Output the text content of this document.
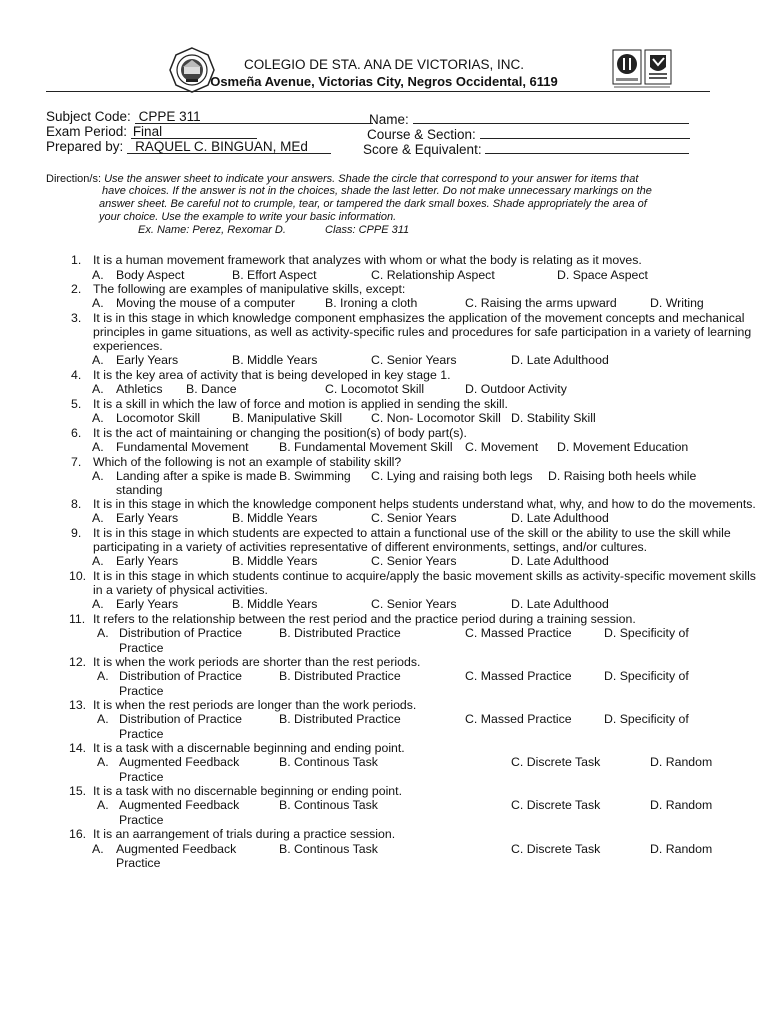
COLEGIO DE STA. ANA DE VICTORIAS, INC.
Osmeña Avenue, Victorias City, Negros Occidental, 6119
Subject Code: CPPE 311	Name:
Exam Period: Final	Course & Section:
Prepared by: RAQUEL C. BINGUAN, MEd	Score & Equivalent:
Direction/s: Use the answer sheet to indicate your answers. Shade the circle that correspond to your answer for items that
have choices. If the answer is not in the choices, shade the last letter. Do not make unnecessary markings on the
answer sheet. Be careful not to crumple, tear, or tampered the dark small boxes. Shade appropriately the area of
your choice. Use the example to write your basic information.
Ex. Name: Perez, Rexomar D.	Class: CPPE 311
1. It is a human movement framework that analyzes with whom or what the body is relating as it moves.
A. Body Aspect	B. Effort Aspect	C. Relationship Aspect	D. Space Aspect
2. The following are examples of manipulative skills, except:
A. Moving the mouse of a computer B. Ironing a cloth	C. Raising the arms upward	D. Writing
3. It is in this stage in which knowledge component emphasizes the application of the movement concepts and mechanical
principles in game situations, as well as activity-specific rules and procedures for safe participation in a variety of learning
experiences.
A. Early Years	B. Middle Years	C. Senior Years	D. Late Adulthood
4. It is the key area of activity that is being developed in key stage 1.
A. Athletics B. Dance	C. Locomotot Skill	D. Outdoor Activity
5. It is a skill in which the law of force and motion is applied in sending the skill.
A. Locomotor Skill	B. Manipulative Skill C. Non- Locomotor Skill D. Stability Skill
6. It is the act of maintaining or changing the position(s) of body part(s).
A. Fundamental Movement B. Fundamental Movement Skill C. Movement D. Movement Education
7. Which of the following is not an example of stability skill?
A. Landing after a spike is made B. Swimming C. Lying and raising both legs D. Raising both heels while
standing
8. It is in this stage in which the knowledge component helps students understand what, why, and how to do the movements.
A. Early Years	B. Middle Years	C. Senior Years	D. Late Adulthood
9. It is in this stage in which students are expected to attain a functional use of the skill or the ability to use the skill while
participating in a variety of activities representative of different environments, settings, and/or cultures.
A. Early Years	B. Middle Years	C. Senior Years	D. Late Adulthood
10. It is in this stage in which students continue to acquire/apply the basic movement skills as activity-specific movement skills
in a variety of physical activities.
A. Early Years	B. Middle Years	C. Senior Years	D. Late Adulthood
11. It refers to the relationship between the rest period and the practice period during a training session.
A. Distribution of Practice	B. Distributed Practice	C. Massed Practice	D. Specificity of
Practice
12. It is when the work periods are shorter than the rest periods.
A. Distribution of Practice	B. Distributed Practice	C. Massed Practice	D. Specificity of
Practice
13. It is when the rest periods are longer than the work periods.
A. Distribution of Practice	B. Distributed Practice	C. Massed Practice	D. Specificity of
Practice
14. It is a task with a discernable beginning and ending point.
A. Augmented Feedback	B. Continous Task	C. Discrete Task	D. Random
Practice
15. It is a task with no discernable beginning or ending point.
A. Augmented Feedback	B. Continous Task	C. Discrete Task	D. Random
Practice
16. It is an aarrangement of trials during a practice session.
A. Augmented Feedback	B. Continous Task	C. Discrete Task	D. Random
Practice
